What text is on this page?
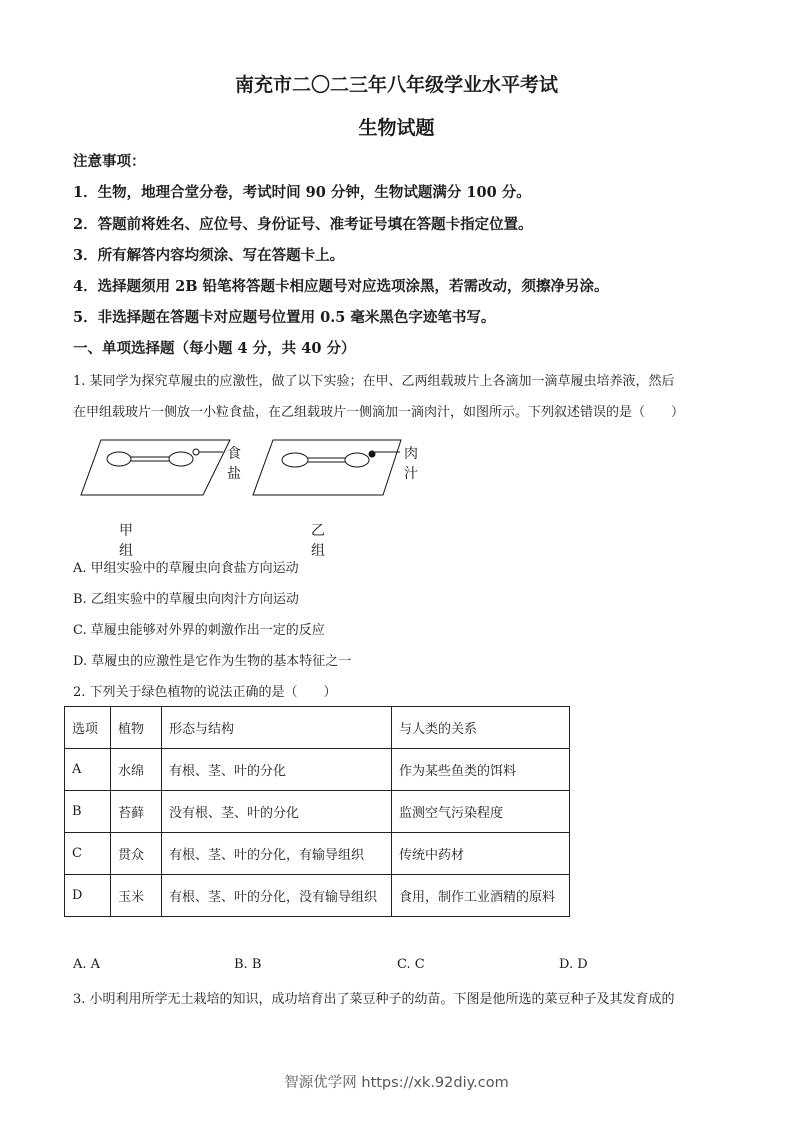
南充市二〇二三年八年级学业水平考试
生物试题
注意事项：
1．生物，地理合堂分卷，考试时间 90 分钟，生物试题满分 100 分。
2．答题前将姓名、应位号、身份证号、准考证号填在答题卡指定位置。
3．所有解答内容均须涂、写在答题卡上。
4．选择题须用 2B 铅笔将答题卡相应题号对应选项涂黑，若需改动，须擦净另涂。
5．非选择题在答题卡对应题号位置用 0.5 毫米黑色字迹笔书写。
一、单项选择题（每小题 4 分，共 40 分）
1. 某同学为探究草履虫的应激性，做了以下实验；在甲、乙两组载玻片上各滴加一滴草履虫培养液，然后
在甲组载玻片一侧放一小粒食盐，在乙组载玻片一侧滴加一滴肉汁，如图所示。下列叙述错误的是（　　）
食盐
肉汁
甲组
乙组
A. 甲组实验中的草履虫向食盐方向运动
B. 乙组实验中的草履虫向肉汁方向运动
C. 草履虫能够对外界的刺激作出一定的反应
D. 草履虫的应激性是它作为生物的基本特征之一
2. 下列关于绿色植物的说法正确的是（　　）
选项	植物	形态与结构	与人类的关系
A	水绵	有根、茎、叶的分化	作为某些鱼类的饵料
B	苔藓	没有根、茎、叶的分化	监测空气污染程度
C	贯众	有根、茎、叶的分化，有输导组织	传统中药材
D	玉米	有根、茎、叶的分化，没有输导组织	食用，制作工业酒精的原料
A. A	B. B	C. C	D. D
3. 小明利用所学无土栽培的知识，成功培育出了菜豆种子的幼苗。下图是他所选的菜豆种子及其发育成的
智源优学网 https://xk.92diy.com
